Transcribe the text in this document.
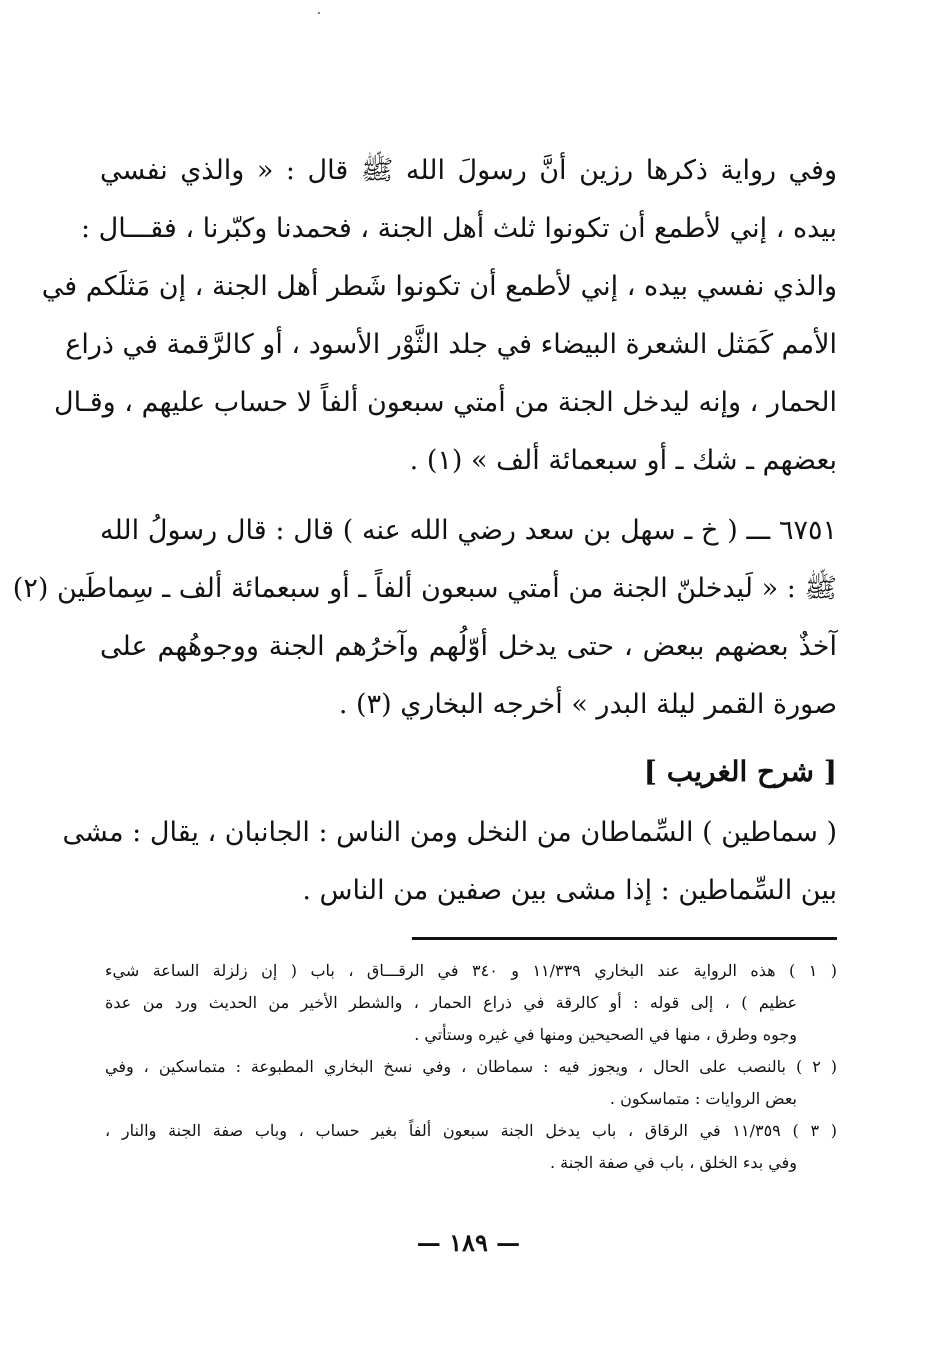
وفي رواية ذكرها رزين أنَّ رسولَ الله ﷺ قال : « والذي نفسي
بيده ، إني لأطمع أن تكونوا ثلث أهل الجنة ، فحمدنا وكبّرنا ، فقـــال :
والذي نفسي بيده ، إني لأطمع أن تكونوا شَطر أهل الجنة ، إن مَثلَكم في
الأمم كَمَثل الشعرة البيضاء في جلد الثَّوْر الأسود ، أو كالرَّقمة في ذراع
الحمار ، وإنه ليدخل الجنة من أمتي سبعون ألفاً لا حساب عليهم ، وقـال
بعضهم ـ شك ـ أو سبعمائة ألف » (١) .
٦٧٥١ ـــ ( خ ـ سهل بن سعد رضي الله عنه ) قال : قال رسولُ الله
ﷺ : « لَيدخلنّ الجنة من أمتي سبعون ألفاً ـ أو سبعمائة ألف ـ سِماطَين (٢)
آخذٌ بعضهم ببعض ، حتى يدخل أوّلُهم وآخرُهم الجنة ووجوهُهم على
صورة القمر ليلة البدر » أخرجه البخاري (٣) .
[ شرح الغريب ]
( سماطين ) السِّماطان من النخل ومن الناس : الجانبان ، يقال : مشى
بين السِّماطين : إذا مشى بين صفين من الناس .
( ١ ) هذه الرواية عند البخاري ١١/٣٣٩ و ٣٤٠ في الرقـــاق ، باب ( إن زلزلة الساعة شيء
عظيم ) ، إلى قوله : أو كالرقة في ذراع الحمار ، والشطر الأخير من الحديث ورد من عدة
وجوه وطرق ، منها في الصحيحين ومنها في غيره وستأتي .
( ٢ ) بالنصب على الحال ، ويجوز فيه : سماطان ، وفي نسخ البخاري المطبوعة : متماسكين ، وفي
بعض الروايات : متماسكون .
( ٣ ) ١١/٣٥٩ في الرقاق ، باب يدخل الجنة سبعون ألفاً بغير حساب ، وباب صفة الجنة والنار ،
وفي بدء الخلق ، باب في صفة الجنة .
— ١٨٩ —
